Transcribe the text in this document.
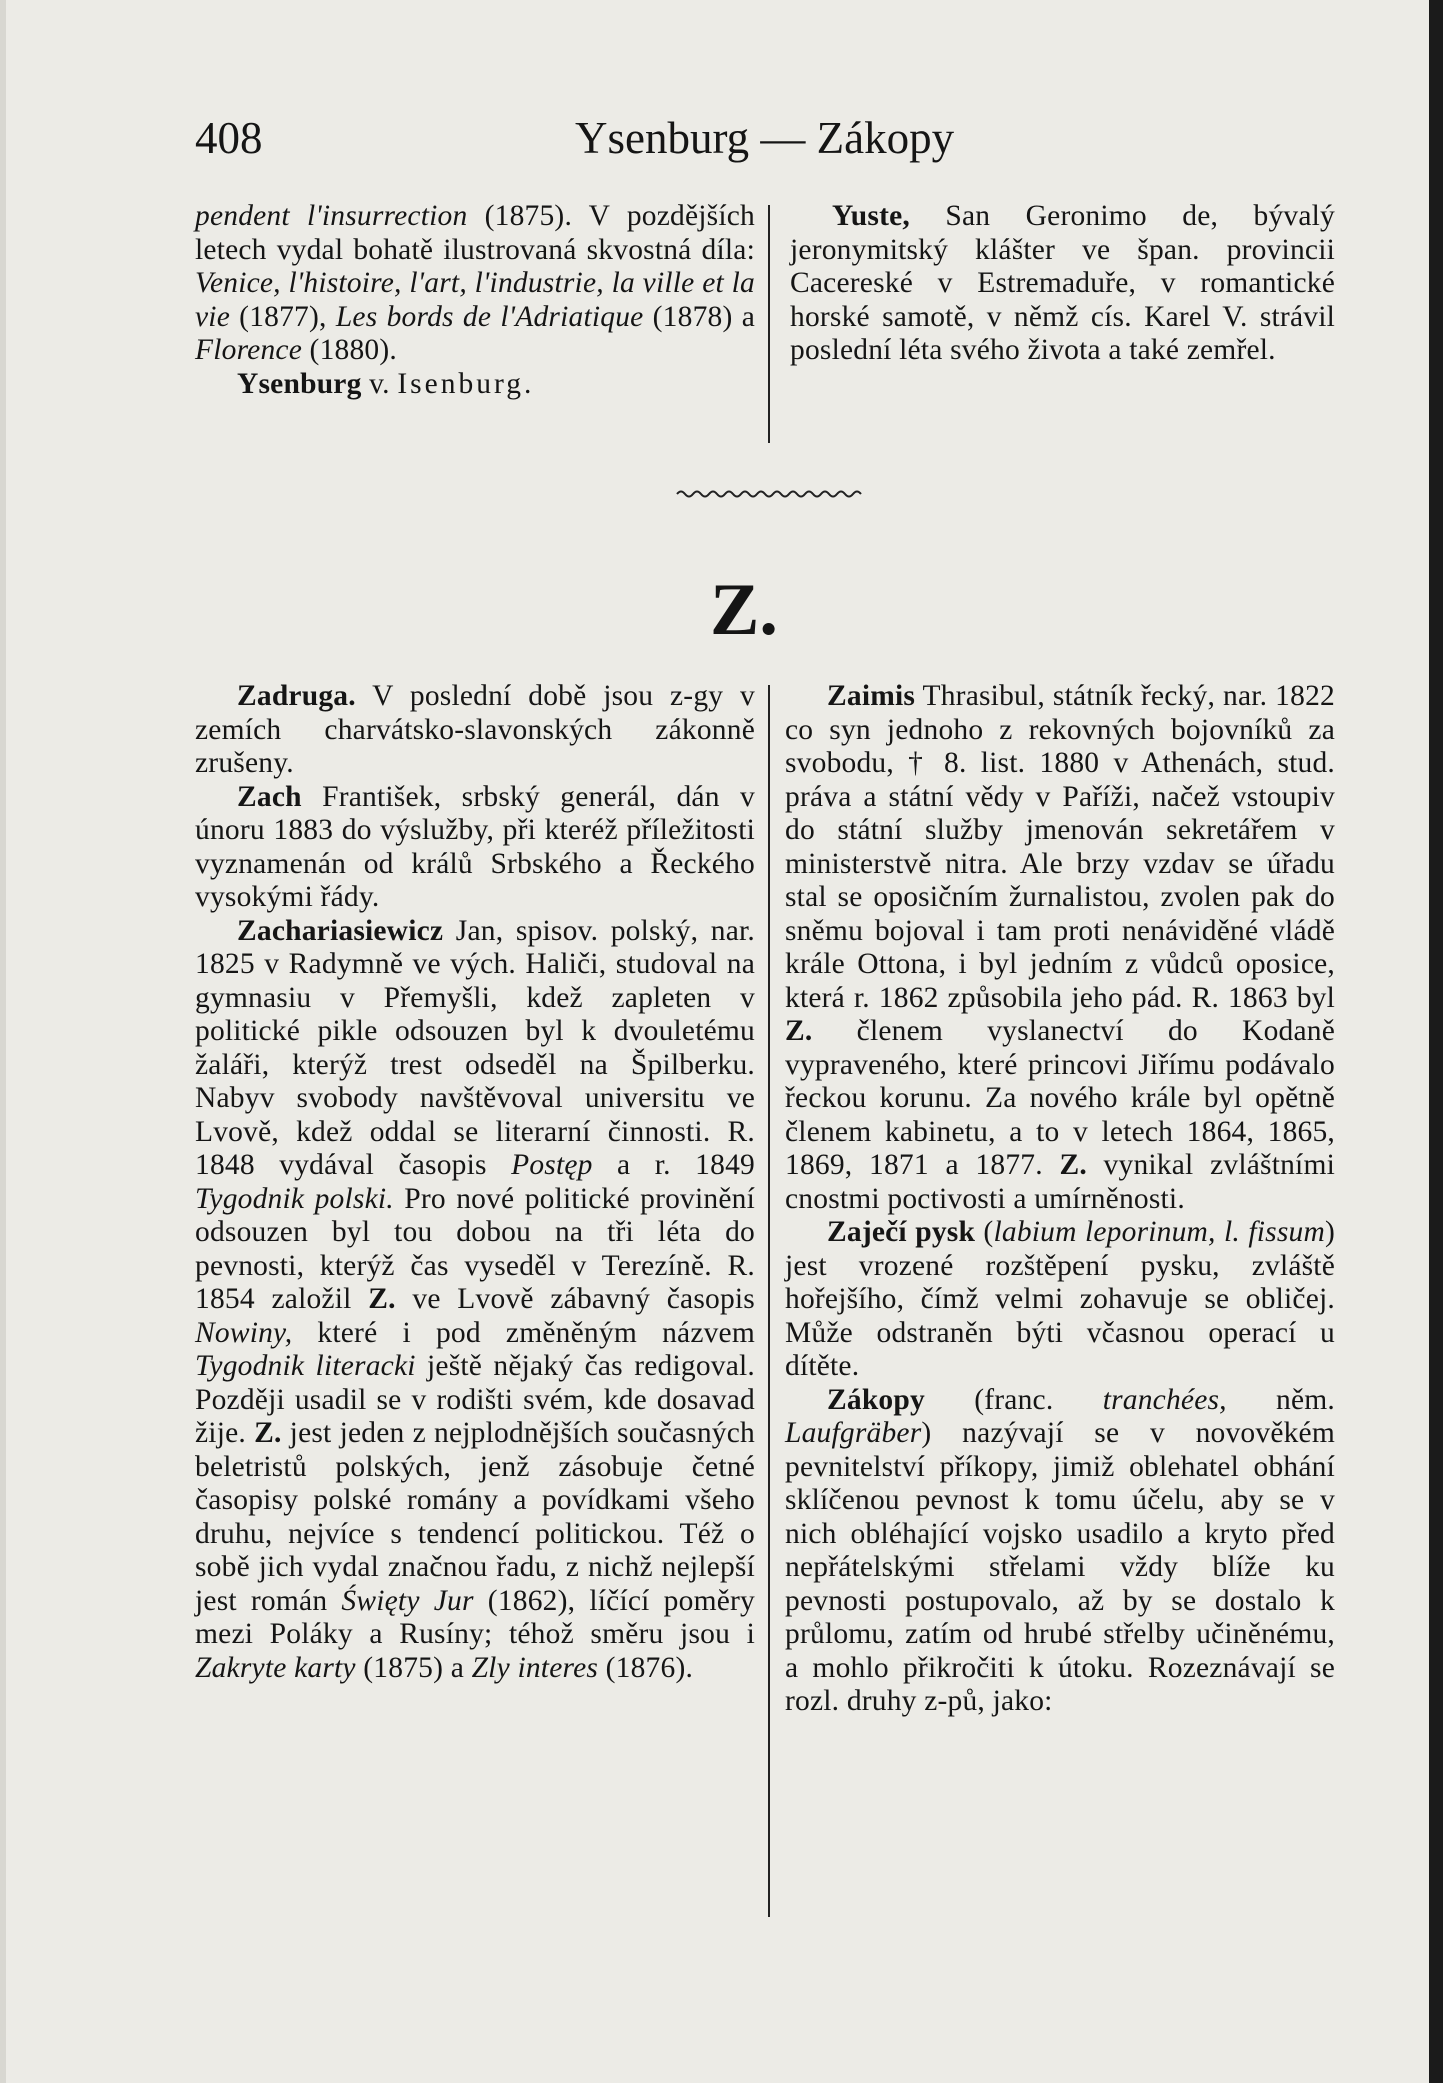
408	Ysenburg — Zákopy

pendent l'insurrection (1875). V pozdějších letech vydal bohatě ilustrovaná skvostná díla: Venice, l'histoire, l'art, l'industrie, la ville et la vie (1877), Les bords de l'Adriatique (1878) a Florence (1880).

Ysenburg v. Isenburg.

Yuste, San Geronimo de, bývalý jeronymitský klášter ve špan. provincii Cacereské v Estremaduře, v romantické horské samotě, v němž cís. Karel V. strávil poslední léta svého života a také zemřel.

Z.

Zadruga. V poslední době jsou z-gy v zemích charvátsko-slavonských zákonně zrušeny.

Zach František, srbský generál, dán v únoru 1883 do výslužby, při kteréž příležitosti vyznamenán od králů Srbského a Řeckého vysokými řády.

Zachariasiewicz Jan, spisov. polský, nar. 1825 v Radymně ve vých. Haliči, studoval na gymnasiu v Přemyšli, kdež zapleten v politické pikle odsouzen byl k dvouletému žaláři, kterýž trest odseděl na Špilberku. Nabyv svobody navštěvoval universitu ve Lvově, kdež oddal se literarní činnosti. R. 1848 vydával časopis Postęp a r. 1849 Tygodnik polski. Pro nové politické provinění odsouzen byl tou dobou na tři léta do pevnosti, kterýž čas vyseděl v Terezíně. R. 1854 založil Z. ve Lvově zábavný časopis Nowiny, které i pod změněným názvem Tygodnik literacki ještě nějaký čas redigoval. Později usadil se v rodišti svém, kde dosavad žije. Z. jest jeden z nejplodnějších současných beletristů polských, jenž zásobuje četné časopisy polské romány a povídkami všeho druhu, nejvíce s tendencí politickou. Též o sobě jich vydal značnou řadu, z nichž nejlepší jest román Święty Jur (1862), líčící poměry mezi Poláky a Rusíny; téhož směru jsou i Zakryte karty (1875) a Zly interes (1876).

Zaimis Thrasibul, státník řecký, nar. 1822 co syn jednoho z rekovných bojovníků za svobodu, † 8. list. 1880 v Athenách, stud. práva a státní vědy v Paříži, načež vstoupiv do státní služby jmenován sekretářem v ministerstvě nitra. Ale brzy vzdav se úřadu stal se oposičním žurnalistou, zvolen pak do sněmu bojoval i tam proti nenáviděné vládě krále Ottona, i byl jedním z vůdců oposice, která r. 1862 způsobila jeho pád. R. 1863 byl Z. členem vyslanectví do Kodaně vypraveného, které princovi Jiřímu podávalo řeckou korunu. Za nového krále byl opětně členem kabinetu, a to v letech 1864, 1865, 1869, 1871 a 1877. Z. vynikal zvláštními cnostmi poctivosti a umírněnosti.

Zaječí pysk (labium leporinum, l. fissum) jest vrozené rozštěpení pysku, zvláště hořejšího, čímž velmi zohavuje se obličej. Může odstraněn býti včasnou operací u dítěte.

Zákopy (franc. tranchées, něm. Laufgräber) nazývají se v novověkém pevnitelství příkopy, jimiž oblehatel obhání sklíčenou pevnost k tomu účelu, aby se v nich obléhající vojsko usadilo a kryto před nepřátelskými střelami vždy blíže ku pevnosti postupovalo, až by se dostalo k průlomu, zatím od hrubé střelby učiněnému, a mohlo přikročiti k útoku. Rozeznávají se rozl. druhy z-pů, jako:
